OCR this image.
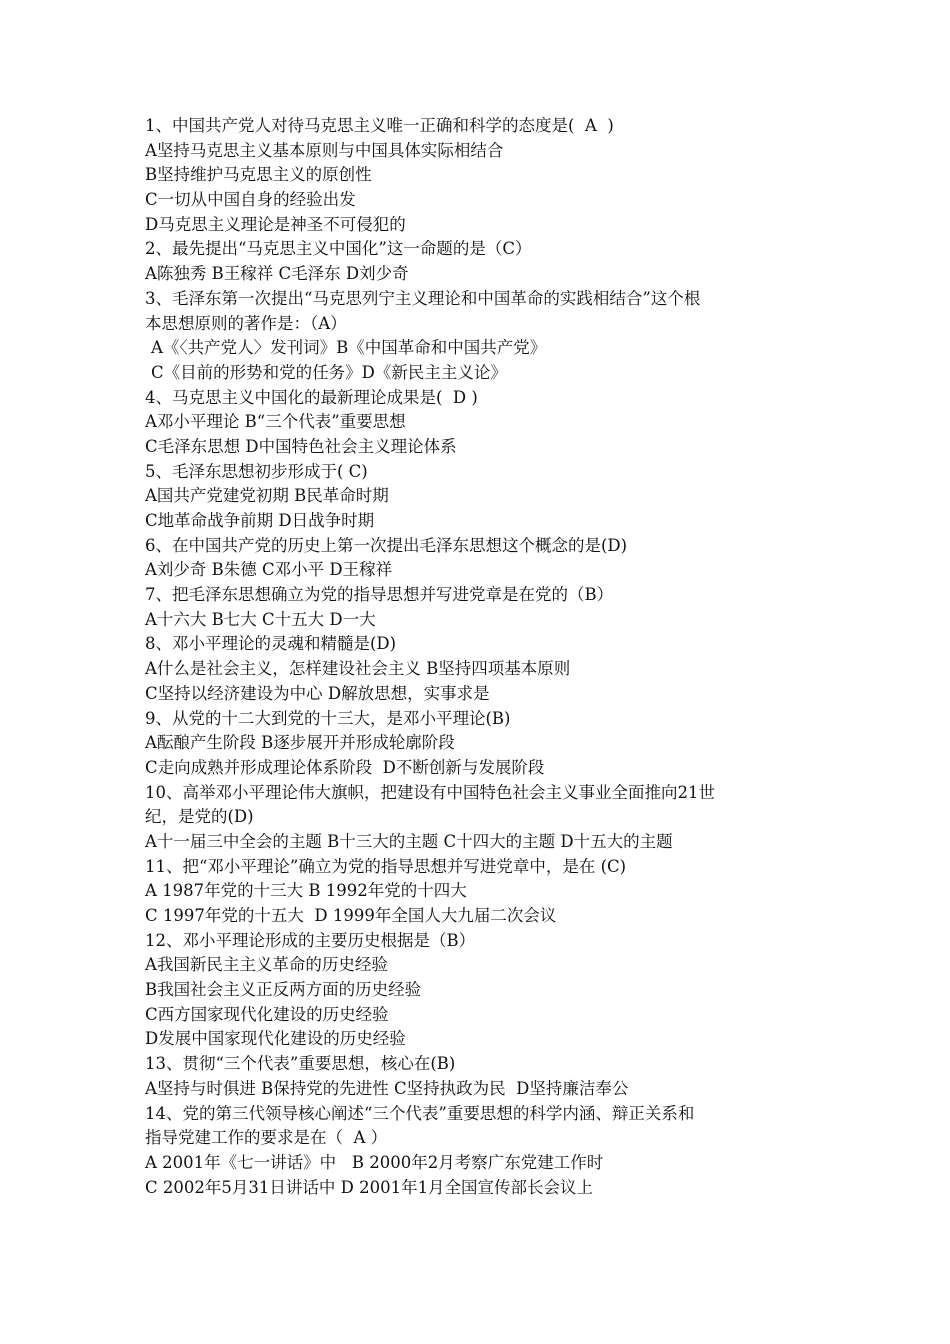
1、中国共产党人对待马克思主义唯一正确和科学的态度是(  A  )
A坚持马克思主义基本原则与中国具体实际相结合
B坚持维护马克思主义的原创性
C一切从中国自身的经验出发
D马克思主义理论是神圣不可侵犯的
2、最先提出“马克思主义中国化”这一命题的是（C）
A陈独秀 B王稼祥 C毛泽东 D刘少奇
3、毛泽东第一次提出“马克思列宁主义理论和中国革命的实践相结合”这个根
本思想原则的著作是：（A）
A《〈共产党人〉发刊词》B《中国革命和中国共产党》
C《目前的形势和党的任务》D《新民主主义论》
4、马克思主义中国化的最新理论成果是(  D )
A邓小平理论 B“三个代表”重要思想
C毛泽东思想 D中国特色社会主义理论体系
5、毛泽东思想初步形成于( C)
A国共产党建党初期 B民革命时期
C地革命战争前期 D日战争时期
6、在中国共产党的历史上第一次提出毛泽东思想这个概念的是(D)
A刘少奇 B朱德 C邓小平 D王稼祥
7、把毛泽东思想确立为党的指导思想并写进党章是在党的（B）
A十六大 B七大 C十五大 D一大
8、邓小平理论的灵魂和精髓是(D)
A什么是社会主义，怎样建设社会主义 B坚持四项基本原则
C坚持以经济建设为中心 D解放思想，实事求是
9、从党的十二大到党的十三大，是邓小平理论(B)
A酝酿产生阶段 B逐步展开并形成轮廓阶段
C走向成熟并形成理论体系阶段  D不断创新与发展阶段
10、高举邓小平理论伟大旗帜，把建设有中国特色社会主义事业全面推向21世
纪，是党的(D)
A十一届三中全会的主题 B十三大的主题 C十四大的主题 D十五大的主题
11、把“邓小平理论”确立为党的指导思想并写进党章中，是在 (C)
A 1987年党的十三大 B 1992年党的十四大
C 1997年党的十五大  D 1999年全国人大九届二次会议
12、邓小平理论形成的主要历史根据是（B）
A我国新民主主义革命的历史经验
B我国社会主义正反两方面的历史经验
C西方国家现代化建设的历史经验
D发展中国家现代化建设的历史经验
13、贯彻“三个代表”重要思想，核心在(B)
A坚持与时俱进 B保持党的先进性 C坚持执政为民  D坚持廉洁奉公
14、党的第三代领导核心阐述“三个代表”重要思想的科学内涵、辩正关系和
指导党建工作的要求是在（  A ）
A 2001年《七一讲话》中   B 2000年2月考察广东党建工作时
C 2002年5月31日讲话中 D 2001年1月全国宣传部长会议上
